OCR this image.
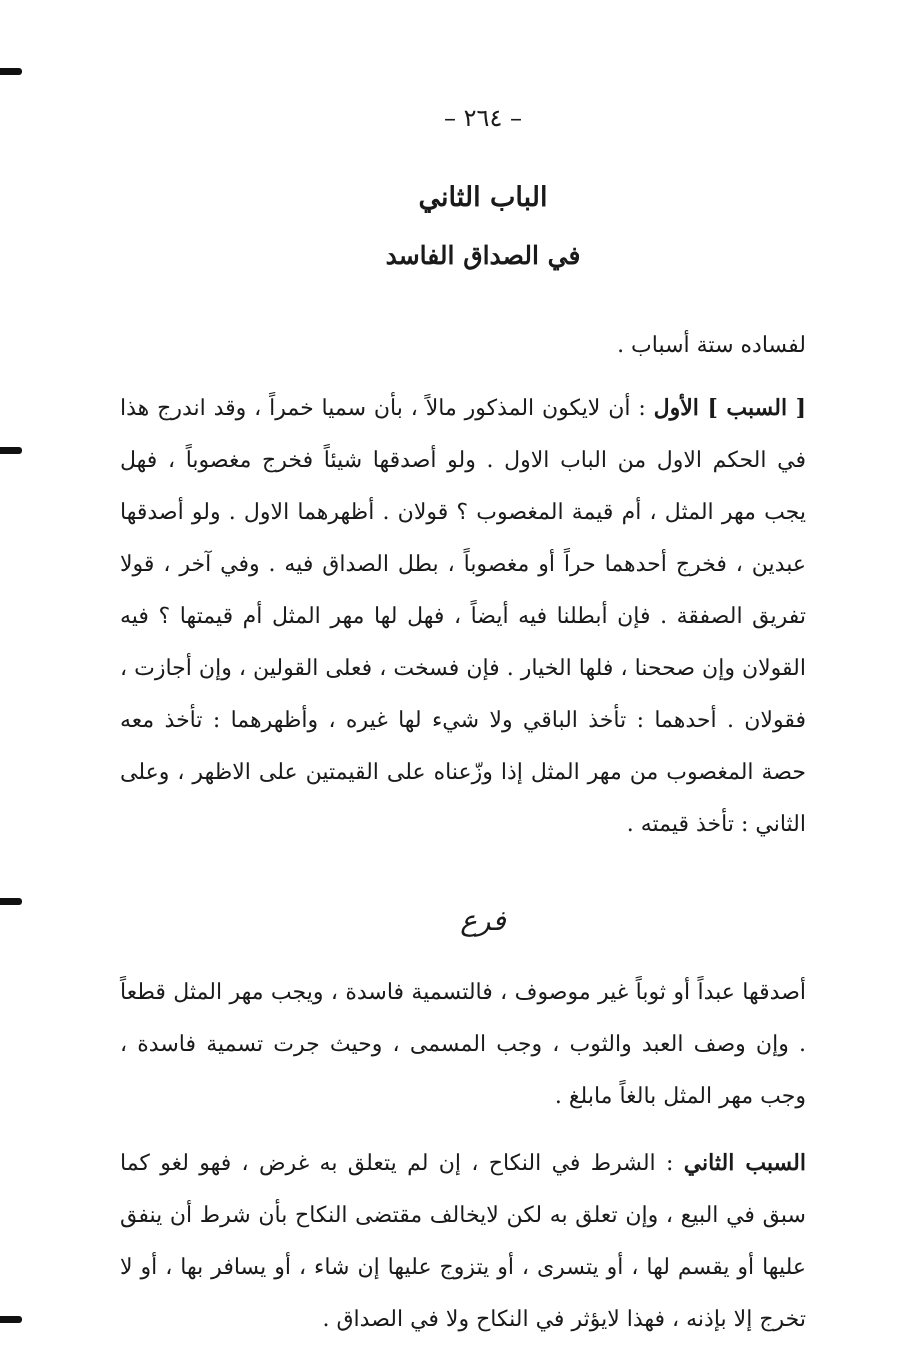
– ٢٦٤ –
الباب الثاني
في الصداق الفاسد

لفساده ستة أسباب .

[ السبب ] الأول : أن لايكون المذكور مالاً ، بأن سميا خمراً ، وقد اندرج هذا في الحكم الاول من الباب الاول . ولو أصدقها شيئاً فخرج مغصوباً ، فهل يجب مهر المثل ، أم قيمة المغصوب ؟ قولان . أظهرهما الاول . ولو أصدقها عبدين ، فخرج أحدهما حراً أو مغصوباً ، بطل الصداق فيه . وفي آخر ، قولا تفريق الصفقة . فإن أبطلنا فيه أيضاً ، فهل لها مهر المثل أم قيمتها ؟ فيه القولان وإن صححنا ، فلها الخيار . فإن فسخت ، فعلى القولين ، وإن أجازت ، فقولان . أحدهما : تأخذ الباقي ولا شيء لها غيره ، وأظهرهما : تأخذ معه حصة المغصوب من مهر المثل إذا وزّعناه على القيمتين على الاظهر ، وعلى الثاني : تأخذ قيمته .

فرع

أصدقها عبداً أو ثوباً غير موصوف ، فالتسمية فاسدة ، ويجب مهر المثل قطعاً . وإن وصف العبد والثوب ، وجب المسمى ، وحيث جرت تسمية فاسدة ، وجب مهر المثل بالغاً مابلغ .

السبب الثاني : الشرط في النكاح ، إن لم يتعلق به غرض ، فهو لغو كما سبق في البيع ، وإن تعلق به لكن لايخالف مقتضى النكاح بأن شرط أن ينفق عليها أو يقسم لها ، أو يتسرى ، أو يتزوج عليها إن شاء ، أو يسافر بها ، أو لا تخرج إلا بإذنه ، فهذا لايؤثر في النكاح ولا في الصداق .
